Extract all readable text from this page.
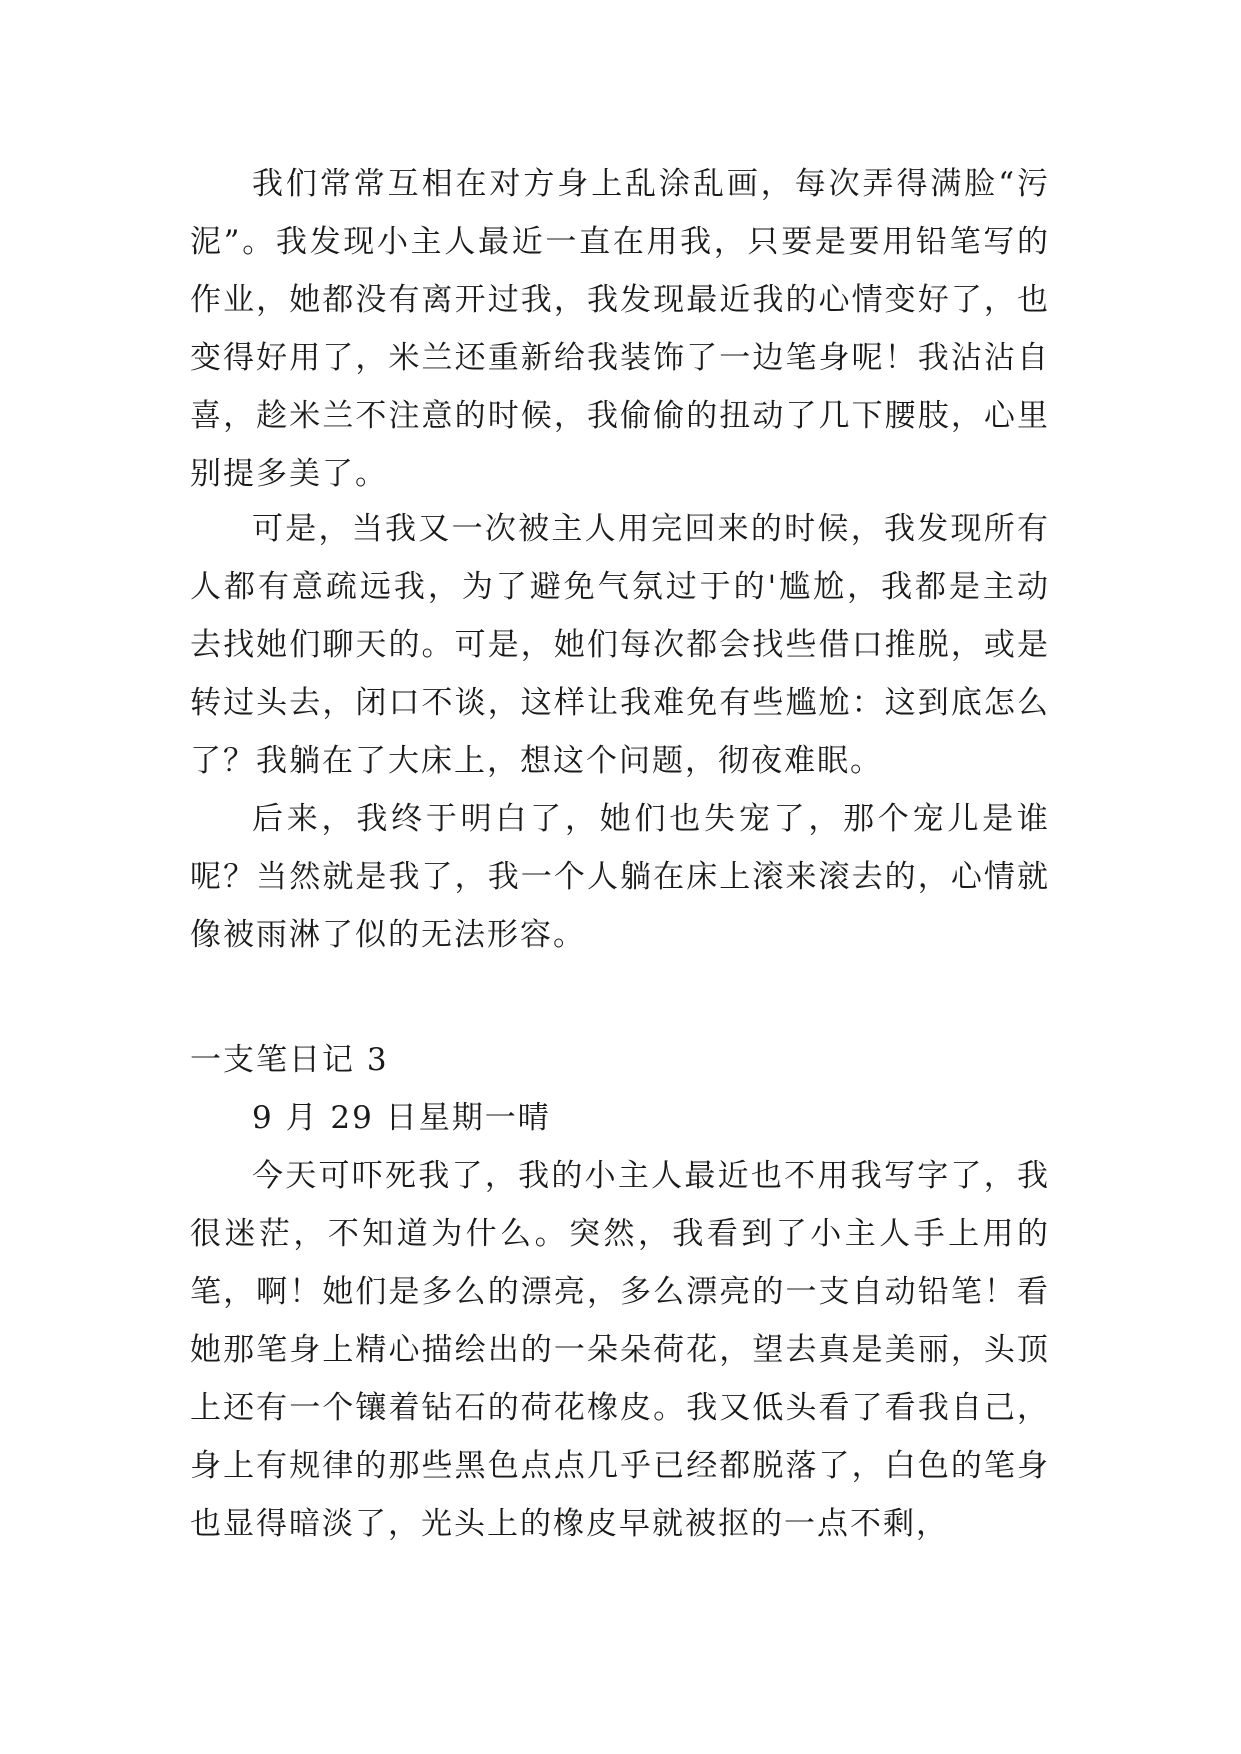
我们常常互相在对方身上乱涂乱画，每次弄得满脸“污泥”。我发现小主人最近一直在用我，只要是要用铅笔写的作业，她都没有离开过我，我发现最近我的心情变好了，也变得好用了，米兰还重新给我装饰了一边笔身呢！我沾沾自喜，趁米兰不注意的时候，我偷偷的扭动了几下腰肢，心里别提多美了。

可是，当我又一次被主人用完回来的时候，我发现所有人都有意疏远我，为了避免气氛过于的'尴尬，我都是主动去找她们聊天的。可是，她们每次都会找些借口推脱，或是转过头去，闭口不谈，这样让我难免有些尴尬：这到底怎么了？我躺在了大床上，想这个问题，彻夜难眠。

后来，我终于明白了，她们也失宠了，那个宠儿是谁呢？当然就是我了，我一个人躺在床上滚来滚去的，心情就像被雨淋了似的无法形容。

一支笔日记 3
9 月 29 日星期一晴

今天可吓死我了，我的小主人最近也不用我写字了，我很迷茫，不知道为什么。突然，我看到了小主人手上用的笔，啊！她们是多么的漂亮，多么漂亮的一支自动铅笔！看她那笔身上精心描绘出的一朵朵荷花，望去真是美丽，头顶上还有一个镶着钻石的荷花橡皮。我又低头看了看我自己，身上有规律的那些黑色点点几乎已经都脱落了，白色的笔身也显得暗淡了，光头上的橡皮早就被抠的一点不剩，
